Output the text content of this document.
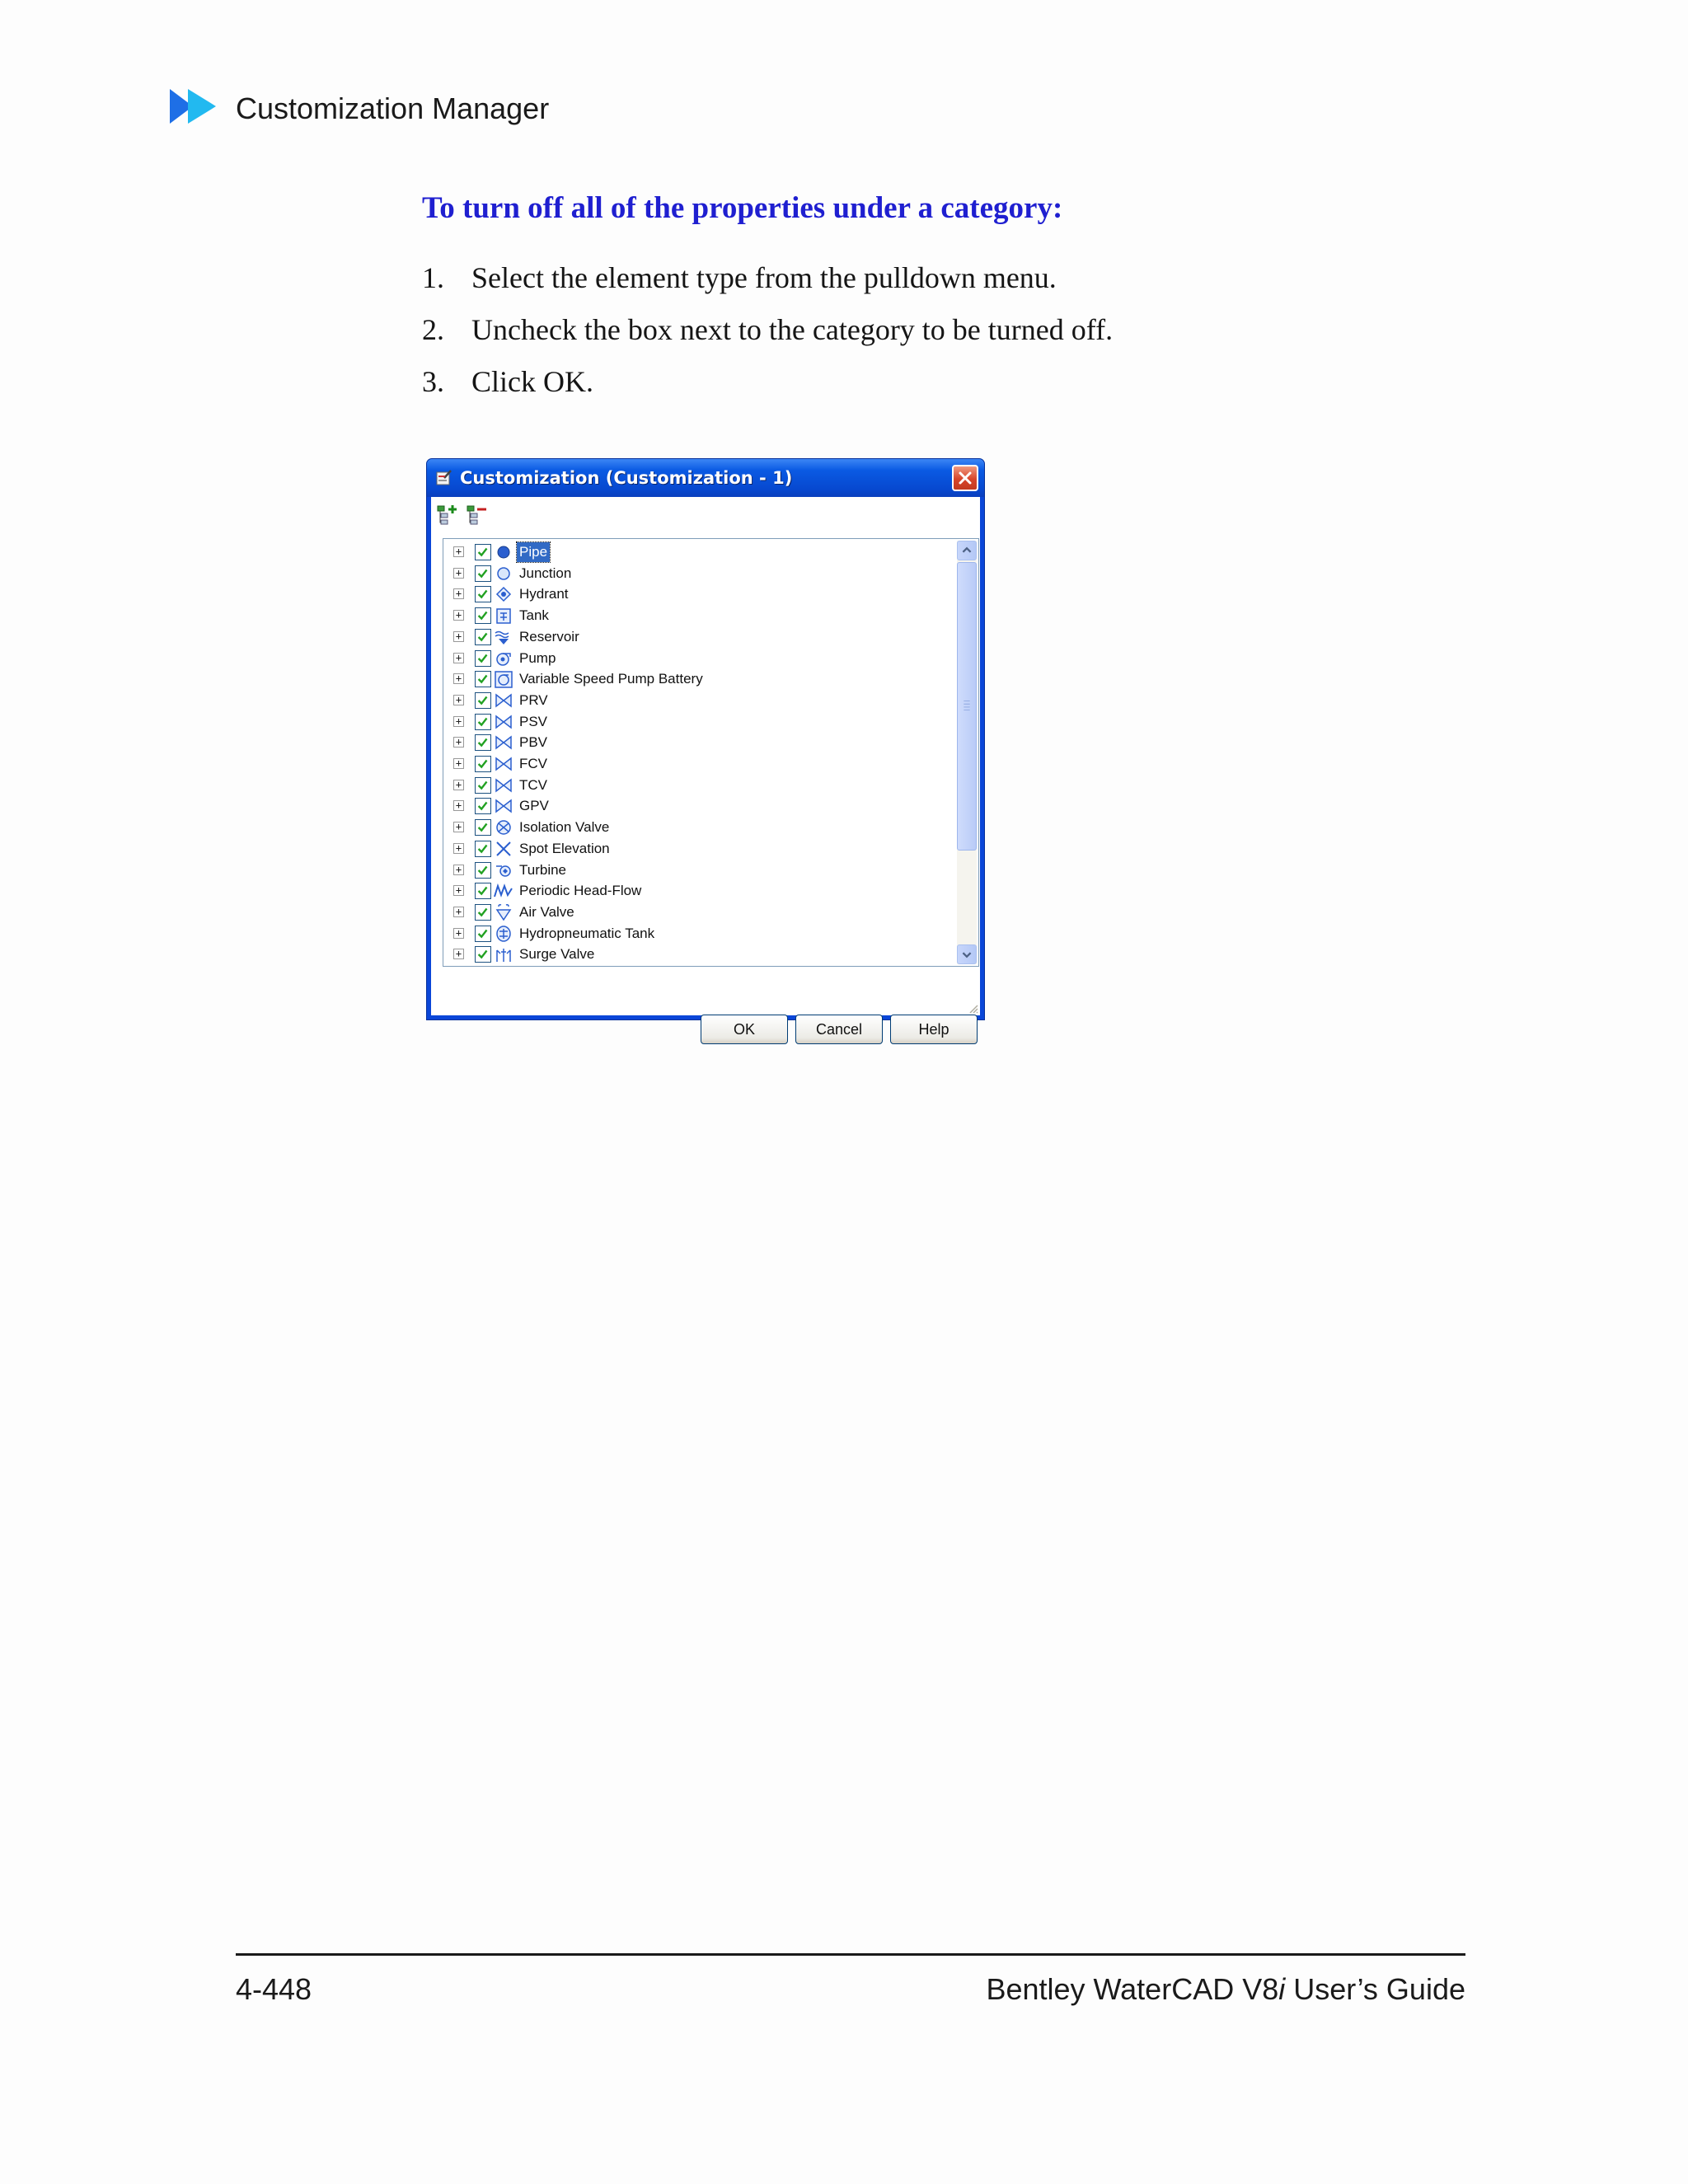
Customization Manager
To turn off all of the properties under a category:
1. Select the element type from the pulldown menu.
2. Uncheck the box next to the category to be turned off.
3. Click OK.
Customization (Customization - 1)
+	Pipe
+	Junction
+	Hydrant
+	Tank
+	Reservoir
+	Pump
+	Variable Speed Pump Battery
+	PRV
+	PSV
+	PBV
+	FCV
+	TCV
+	GPV
+	Isolation Valve
+	Spot Elevation
+	Turbine
+	Periodic Head-Flow
+	Air Valve
+	Hydropneumatic Tank
+	Surge Valve
OK	Cancel	Help
4-448	Bentley WaterCAD V8i User’s Guide
